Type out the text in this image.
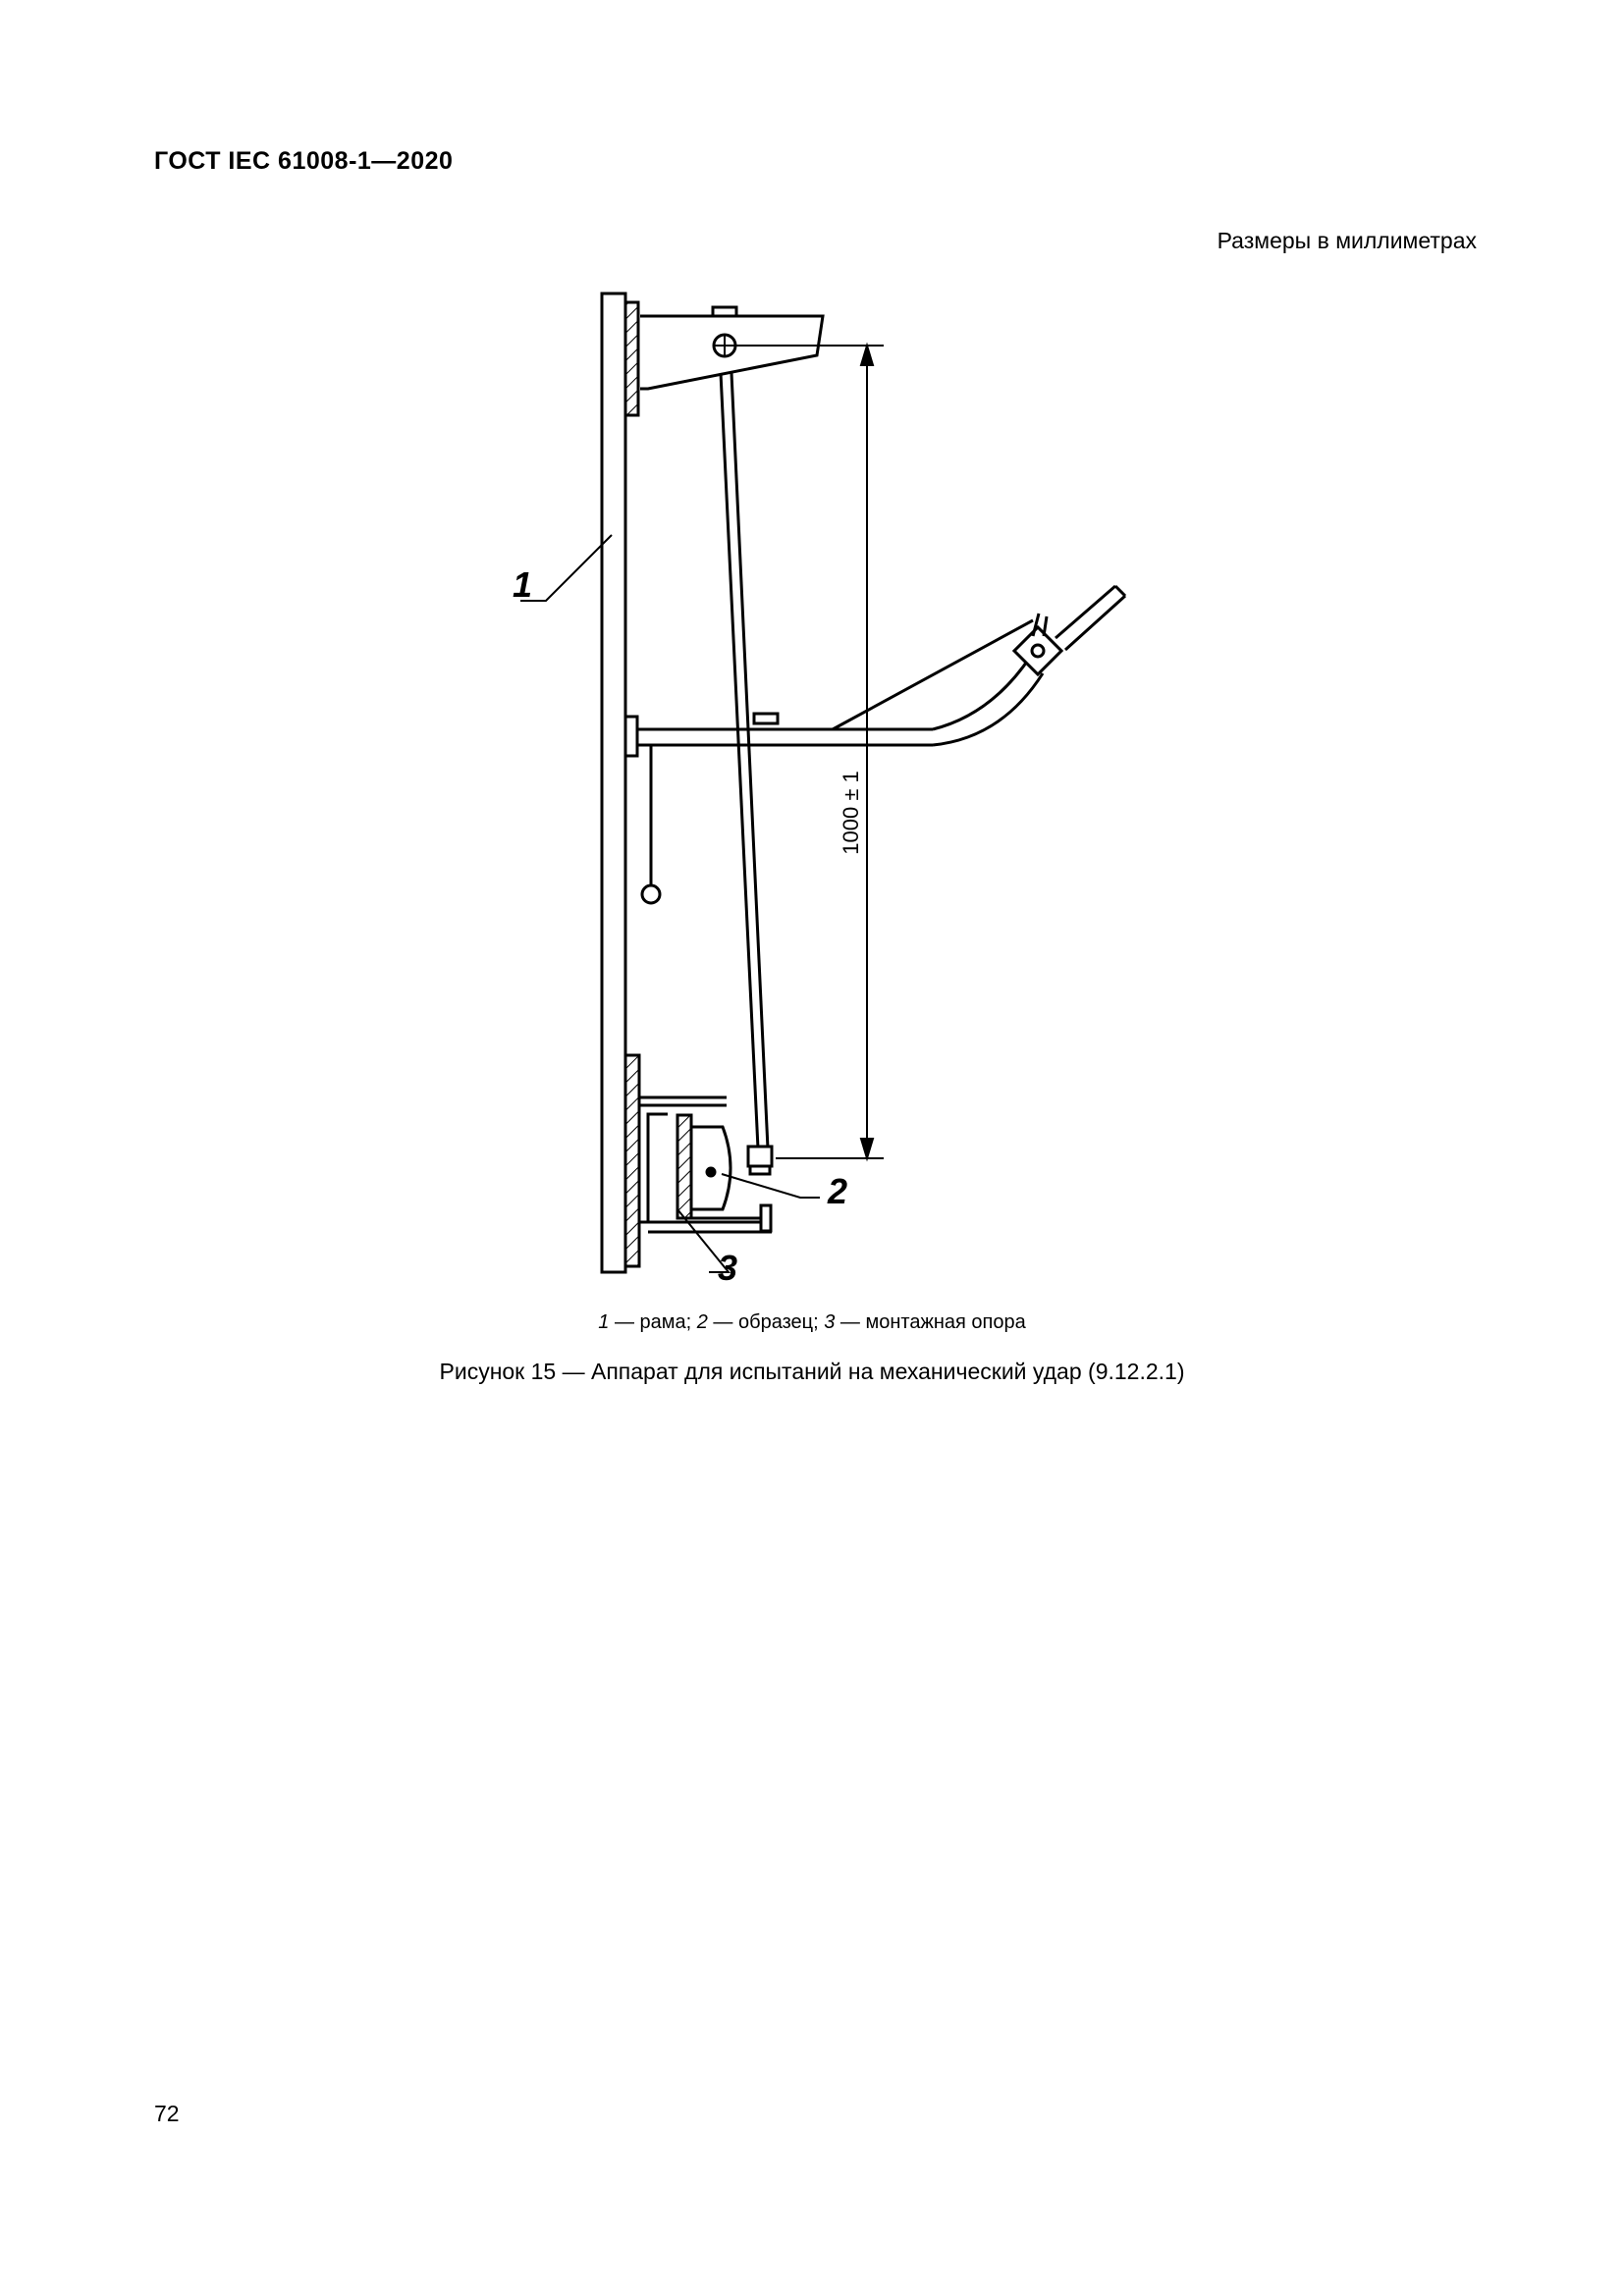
ГОСТ IEC 61008-1—2020
Размеры в миллиметрах
1000 ± 1
1
2
3
1 — рама; 2 — образец; 3 — монтажная опора
Рисунок 15 — Аппарат для испытаний на механический удар (9.12.2.1)
72
